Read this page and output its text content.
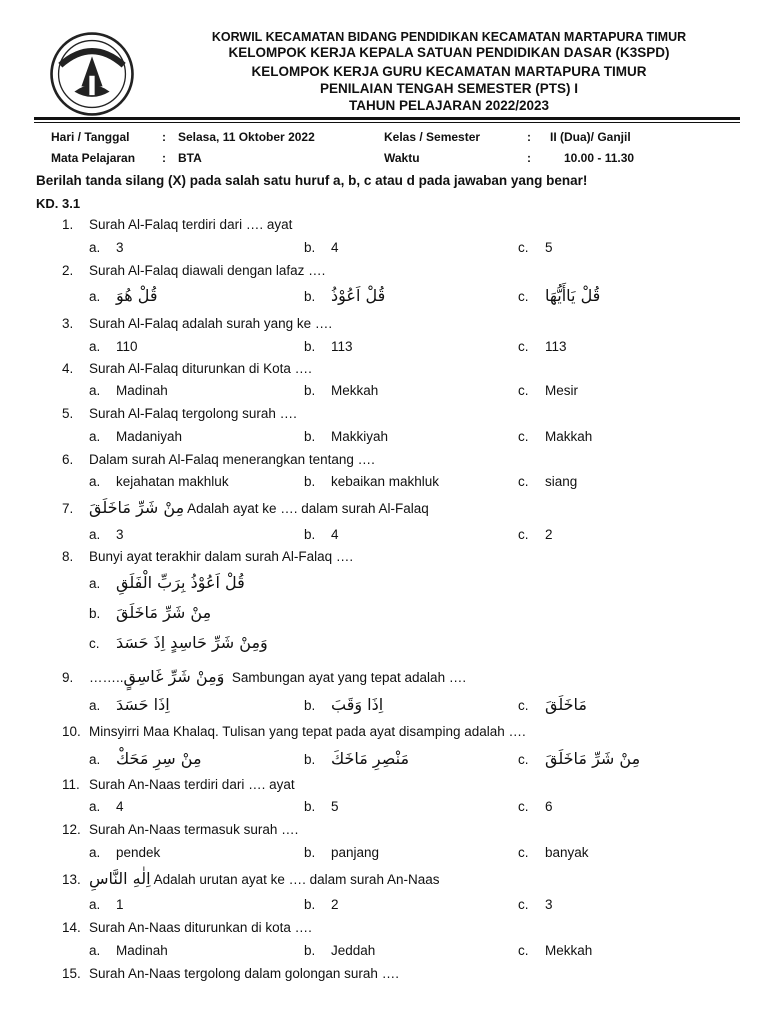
KORWIL KECAMATAN BIDANG PENDIDIKAN KECAMATAN MARTAPURA TIMUR
KELOMPOK KERJA KEPALA SATUAN PENDIDIKAN DASAR (K3SPD)
KELOMPOK KERJA GURU KECAMATAN MARTAPURA TIMUR
PENILAIAN TENGAH SEMESTER (PTS) I
TAHUN PELAJARAN 2022/2023
Hari / Tanggal	: Selasa, 11 Oktober 2022	Kelas / Semester	: II (Dua)/ Ganjil
Mata Pelajaran : BTA	Waktu	:	10.00 - 11.30
Berilah tanda silang (X) pada salah satu huruf a, b, c atau d pada jawaban yang benar!
KD. 3.1
1. Surah Al-Falaq terdiri dari …. ayat
a. 3	b. 4	c. 5
2. Surah Al-Falaq diawali dengan lafaz ….
a. قُلْ هُوَ	b. قُلْ اَعُوْذُ	c. قُلْ يَاأَيُّهَا
3. Surah Al-Falaq adalah surah yang ke ….
a. 110	b. 113	c. 113
4. Surah Al-Falaq diturunkan di Kota ….
a. Madinah	b. Mekkah	c. Mesir
5. Surah Al-Falaq tergolong surah ….
a. Madaniyah	b. Makkiyah	c. Makkah
6. Dalam surah Al-Falaq menerangkan tentang ….
a. kejahatan makhluk	b. kebaikan makhluk	c. siang
7. مِنْ شَرِّ مَاخَلَقَ Adalah ayat ke …. dalam surah Al-Falaq
a. 3	b. 4	c. 2
8. Bunyi ayat terakhir dalam surah Al-Falaq ….
a. قُلْ اَعُوْذُ بِرَبِّ الْفَلَقِ
b. مِنْ شَرِّ مَاخَلَقَ
c. وَمِنْ شَرِّ حَاسِدٍ اِذَ حَسَدَ
9. ……..وَمِنْ شَرِّ غَاسِقٍ Sambungan ayat yang tepat adalah ….
a. اِذَا حَسَدَ	b. اِذَا وَقَبَ	c. مَاخَلَقَ
10. Minsyirri Maa Khalaq. Tulisan yang tepat pada ayat disamping adalah ….
a. مِنْ سِرِ مَحَكْ	b. مَنْصِرِ مَاخَكَ	c. مِنْ شَرِّ مَاخَلَقَ
11. Surah An-Naas terdiri dari …. ayat
a. 4	b. 5	c. 6
12. Surah An-Naas termasuk surah ….
a. pendek	b. panjang	c. banyak
13. اِلٰهِ النَّاسِ Adalah urutan ayat ke …. dalam surah An-Naas
a. 1	b. 2	c. 3
14. Surah An-Naas diturunkan di kota ….
a. Madinah	b. Jeddah	c. Mekkah
15. Surah An-Naas tergolong dalam golongan surah ….
